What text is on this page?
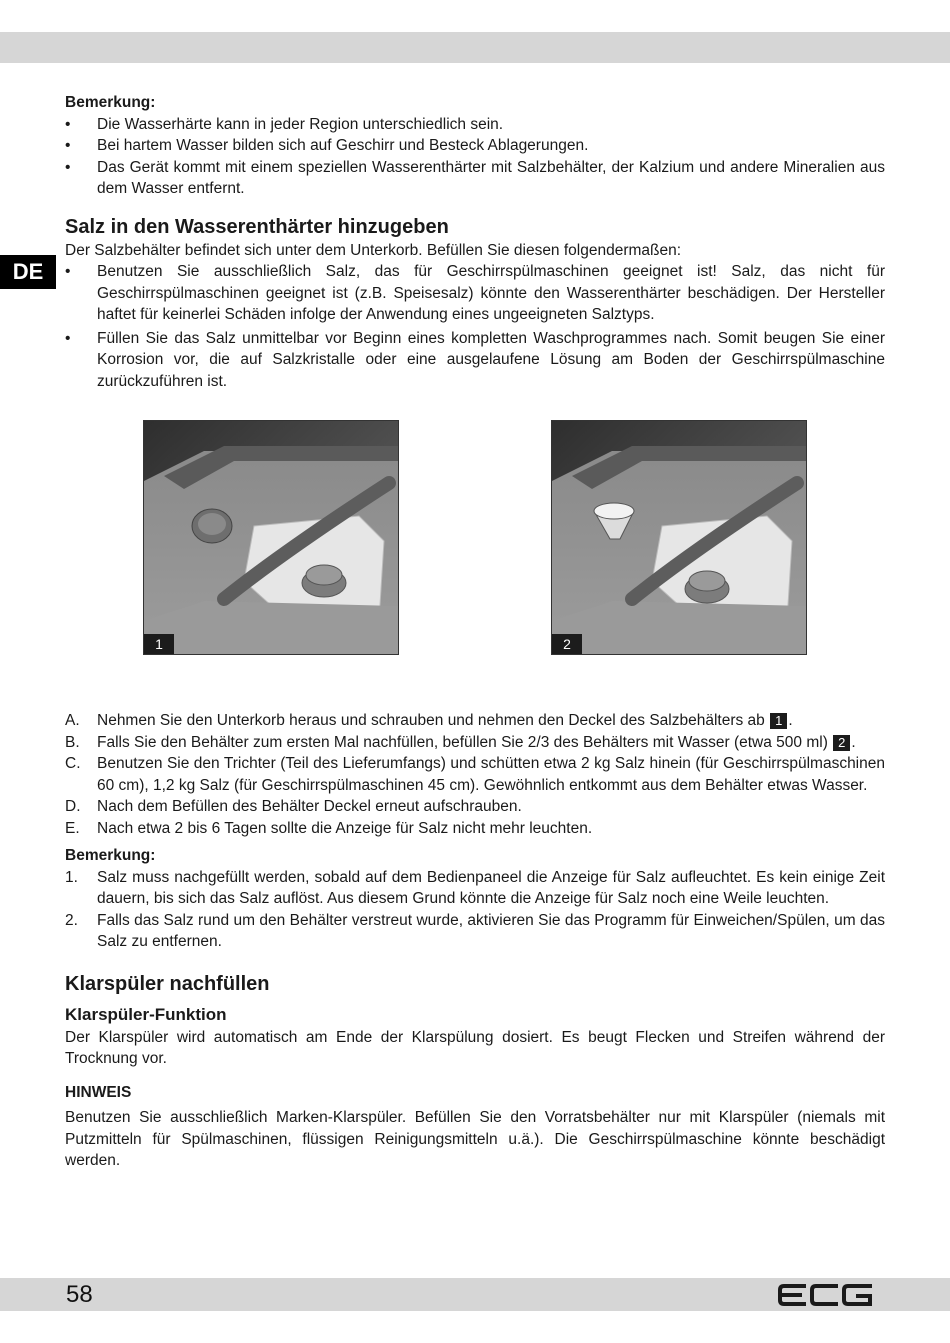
DE

Bemerkung:

• Die Wasserhärte kann in jeder Region unterschiedlich sein.
• Bei hartem Wasser bilden sich auf Geschirr und Besteck Ablagerungen.
• Das Gerät kommt mit einem speziellen Wasserenthärter mit Salzbehälter, der Kalzium und andere Mineralien aus dem Wasser entfernt.
Salz in den Wasserenthärter hinzugeben

Der Salzbehälter befindet sich unter dem Unterkorb. Befüllen Sie diesen folgendermaßen:

• Benutzen Sie ausschließlich Salz, das für Geschirrspülmaschinen geeignet ist! Salz, das nicht für Geschirrspülmaschinen geeignet ist (z.B. Speisesalz) könnte den Wasserenthärter beschädigen. Der Hersteller haftet für keinerlei Schäden infolge der Anwendung eines ungeeigneten Salztyps.
• Füllen Sie das Salz unmittelbar vor Beginn eines kompletten Waschprogrammes nach. Somit beugen Sie einer Korrosion vor, die auf Salzkristalle oder eine ausgelaufene Lösung am Boden der Geschirrspülmaschine zurückzuführen ist.
1	2
A. Nehmen Sie den Unterkorb heraus und schrauben und nehmen den Deckel des Salzbehälters ab 1 .
B. Falls Sie den Behälter zum ersten Mal nachfüllen, befüllen Sie 2/3 des Behälters mit Wasser (etwa 500 ml) 2 .
C. Benutzen Sie den Trichter (Teil des Lieferumfangs) und schütten etwa 2 kg Salz hinein (für Geschirrspülmaschinen 60 cm), 1,2 kg Salz (für Geschirrspülmaschinen 45 cm). Gewöhnlich entkommt aus dem Behälter etwas Wasser.
D. Nach dem Befüllen des Behälter Deckel erneut aufschrauben.
E. Nach etwa 2 bis 6 Tagen sollte die Anzeige für Salz nicht mehr leuchten.

Bemerkung:

1. Salz muss nachgefüllt werden, sobald auf dem Bedienpaneel die Anzeige für Salz aufleuchtet. Es kein einige Zeit dauern, bis sich das Salz auflöst. Aus diesem Grund könnte die Anzeige für Salz noch eine Weile leuchten.
2. Falls das Salz rund um den Behälter verstreut wurde, aktivieren Sie das Programm für Einweichen/Spülen, um das Salz zu entfernen.
Klarspüler nachfüllen
Klarspüler-Funktion

Der Klarspüler wird automatisch am Ende der Klarspülung dosiert. Es beugt Flecken und Streifen während der Trocknung vor.

HINWEIS

Benutzen Sie ausschließlich Marken-Klarspüler. Befüllen Sie den Vorratsbehälter nur mit Klarspüler (niemals mit Putzmitteln für Spülmaschinen, flüssigen Reinigungsmitteln u.ä.). Die Geschirrspülmaschine könnte beschädigt werden.

58
